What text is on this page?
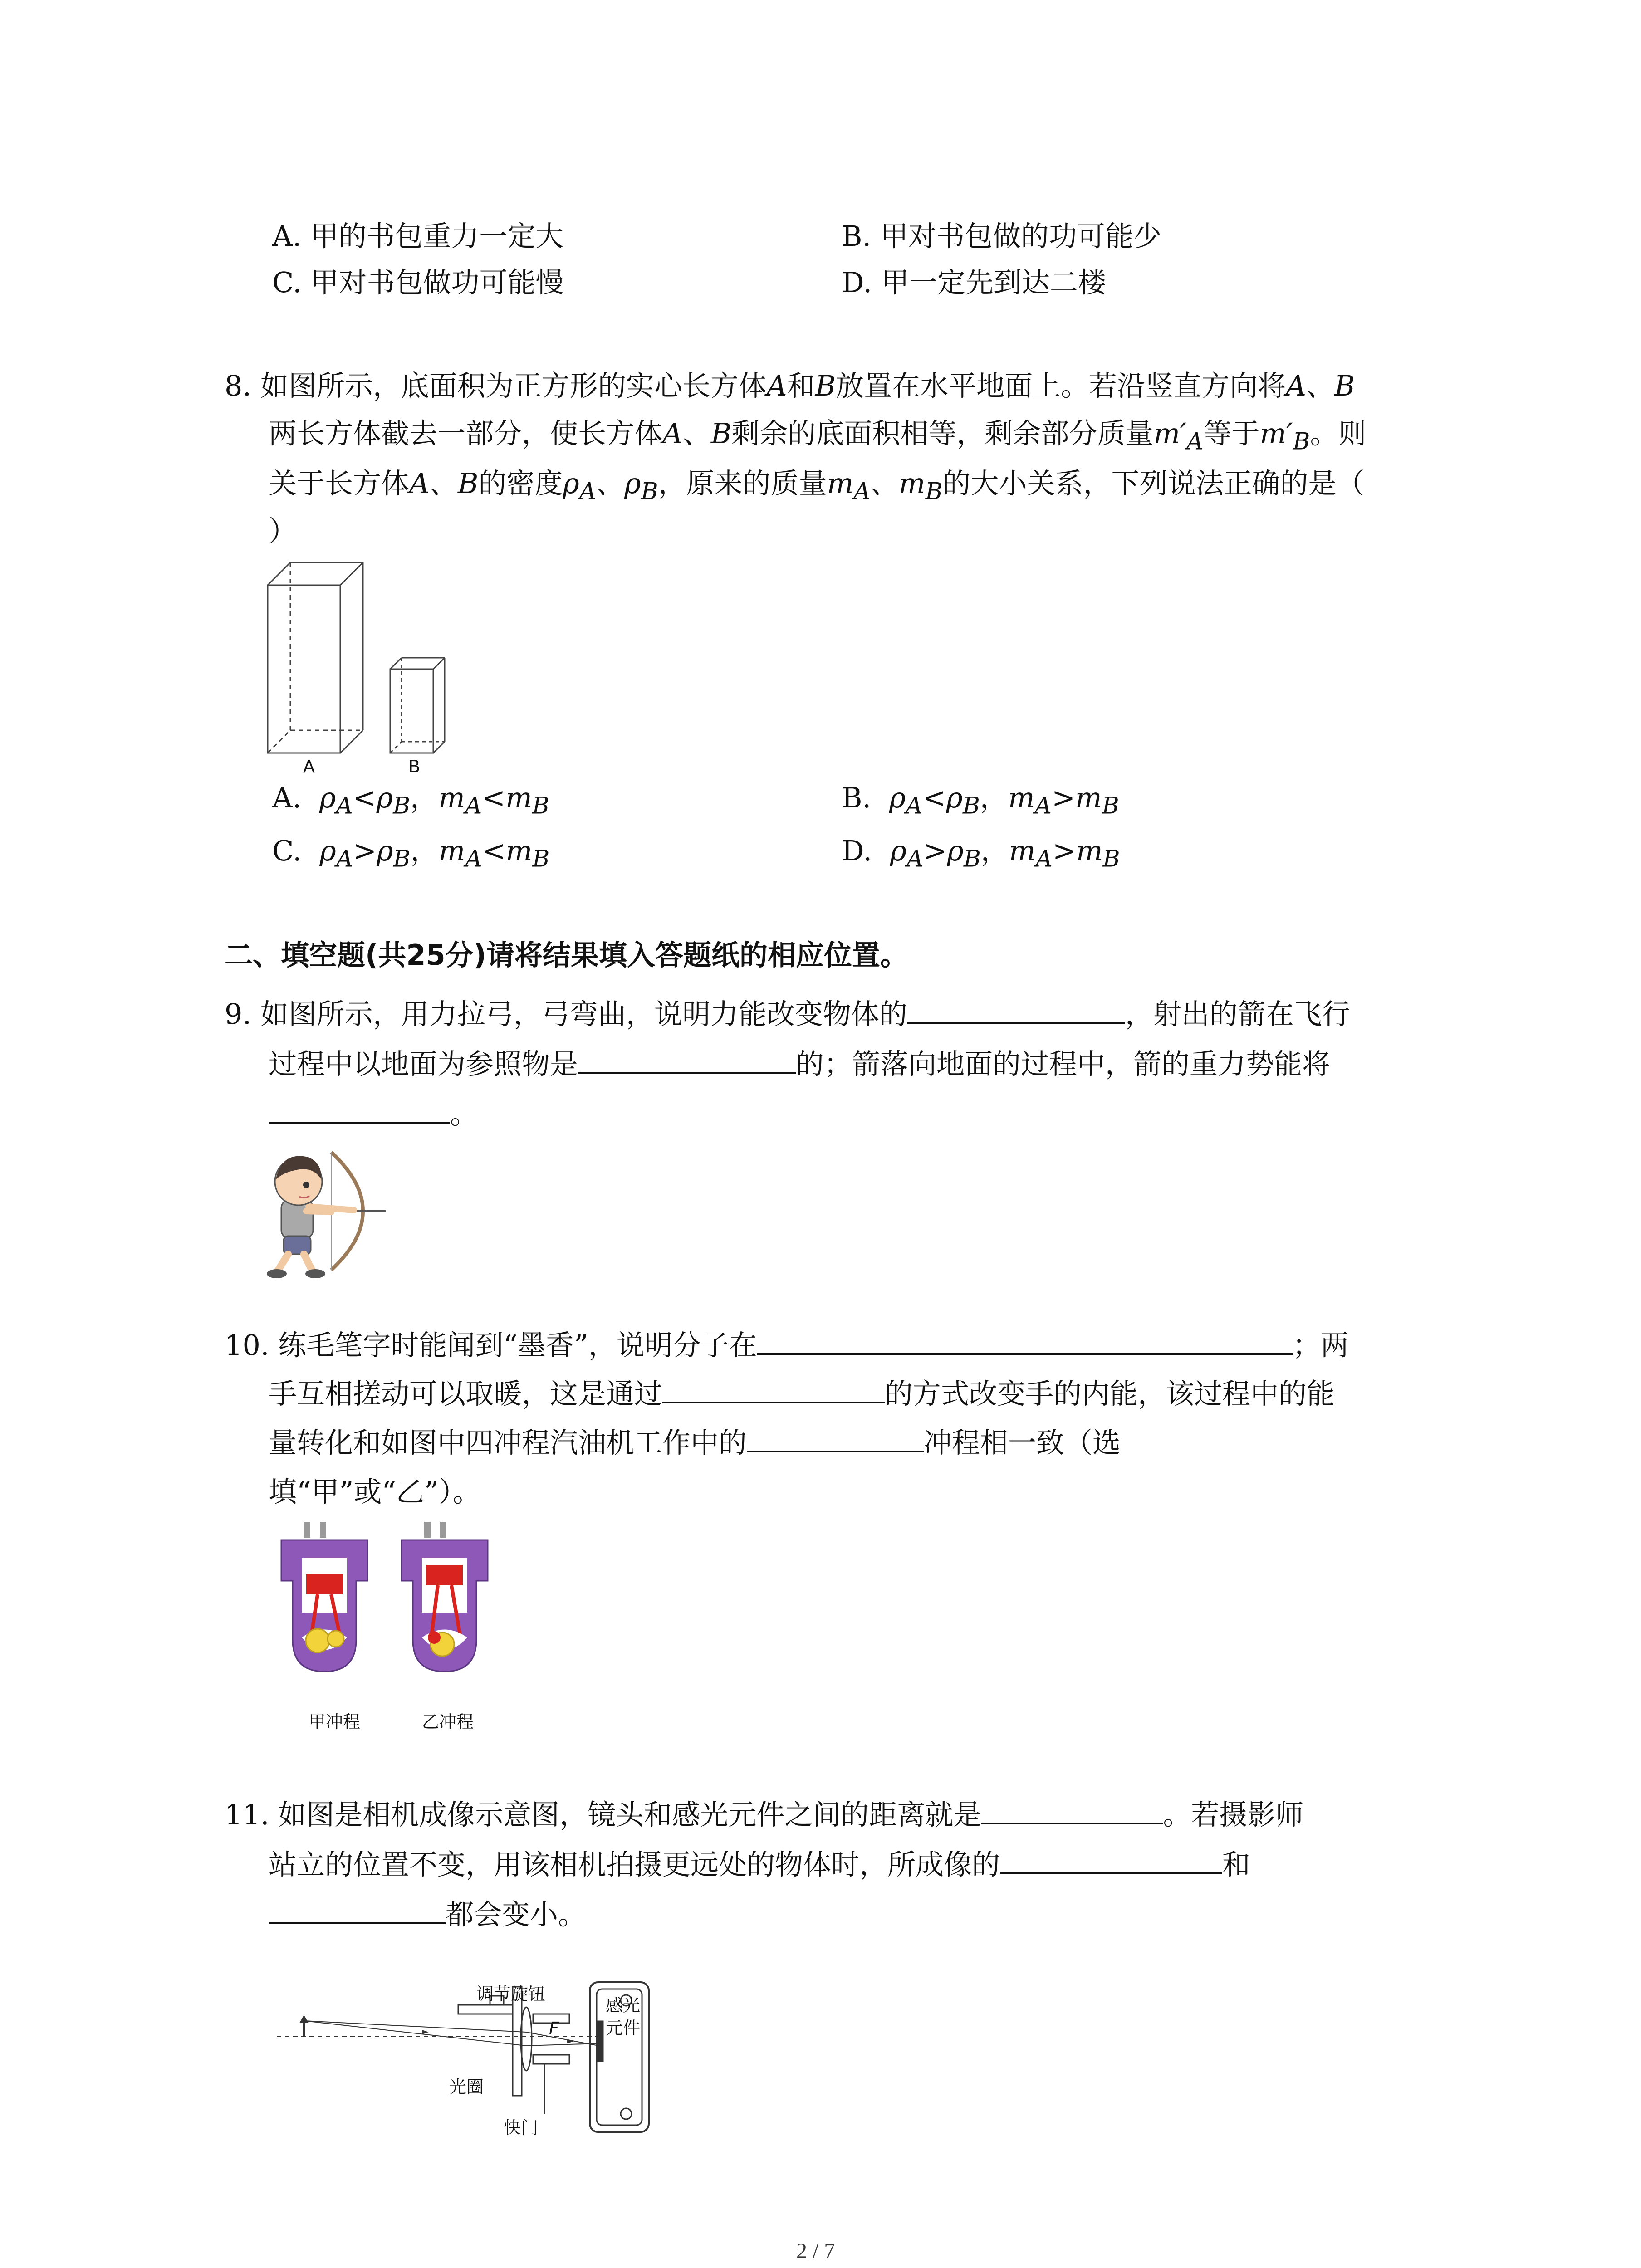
A. 甲的书包重力一定大	B. 甲对书包做的功可能少
C. 甲对书包做功可能慢	D. 甲一定先到达二楼
8. 如图所示，底面积为正方形的实心长方体A和B放置在水平地面上。若沿竖直方向将A、B
两长方体截去一部分，使长方体A、B剩余的底面积相等，剩余部分质量$m'_A$等于$m'_B$。则
关于长方体A、B的密度$\rho_A$、$\rho_B$，原来的质量$m_A$、$m_B$的大小关系，下列说法正确的是（
）
A	B
A. $\rho_A<\rho_B$，$m_A<m_B$	B. $\rho_A<\rho_B$，$m_A>m_B$
C. $\rho_A>\rho_B$，$m_A<m_B$	D. $\rho_A>\rho_B$，$m_A>m_B$
二、填空题(共25分)请将结果填入答题纸的相应位置。
9. 如图所示，用力拉弓，弓弯曲，说明力能改变物体的	，射出的箭在飞行
过程中以地面为参照物是	的；箭落向地面的过程中，箭的重力势能将
。
10. 练毛笔字时能闻到“墨香”，说明分子在	；两
手互相搓动可以取暖，这是通过	的方式改变手的内能，该过程中的能
量转化和如图中四冲程汽油机工作中的	冲程相一致（选
填“甲”或“乙”）。
甲冲程	乙冲程
11. 如图是相机成像示意图，镜头和感光元件之间的距离就是	。若摄影师
站立的位置不变，用该相机拍摄更远处的物体时，所成像的	和
都会变小。
调节旋钮
感光
元件
F
光圈
快门
2 / 7
